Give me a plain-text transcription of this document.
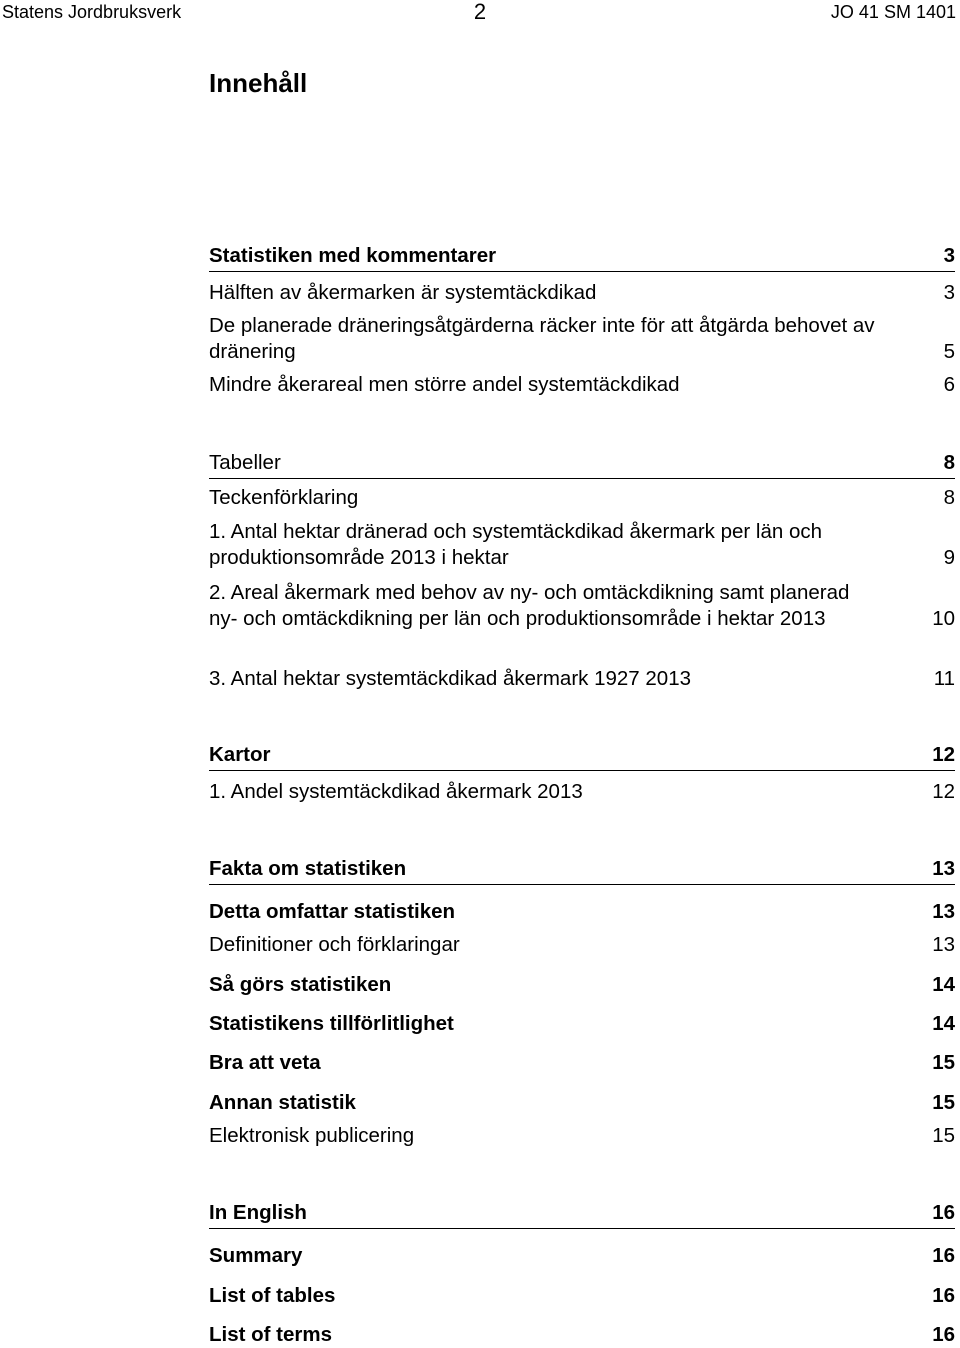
Statens Jordbruksverk	2	JO 41 SM 1401
Innehåll
Statistiken med kommentarer	3
Hälften av åkermarken är systemtäckdikad	3
De planerade dräneringsåtgärderna räcker inte för att åtgärda behovet av dränering	5
Mindre åkerareal men större andel systemtäckdikad	6
Tabeller	8
Teckenförklaring	8
1. Antal hektar dränerad och systemtäckdikad åkermark per län och produktionsområde 2013 i hektar	9
2. Areal åkermark med behov av ny- och omtäckdikning samt planerad ny- och omtäckdikning per län och produktionsområde i hektar 2013	10
3. Antal hektar systemtäckdikad åkermark 1927 2013	11
Kartor	12
1. Andel systemtäckdikad åkermark 2013	12
Fakta om statistiken	13
Detta omfattar statistiken	13
Definitioner och förklaringar	13
Så görs statistiken	14
Statistikens tillförlitlighet	14
Bra att veta	15
Annan statistik	15
Elektronisk publicering	15
In English	16
Summary	16
List of tables	16
List of terms	16
